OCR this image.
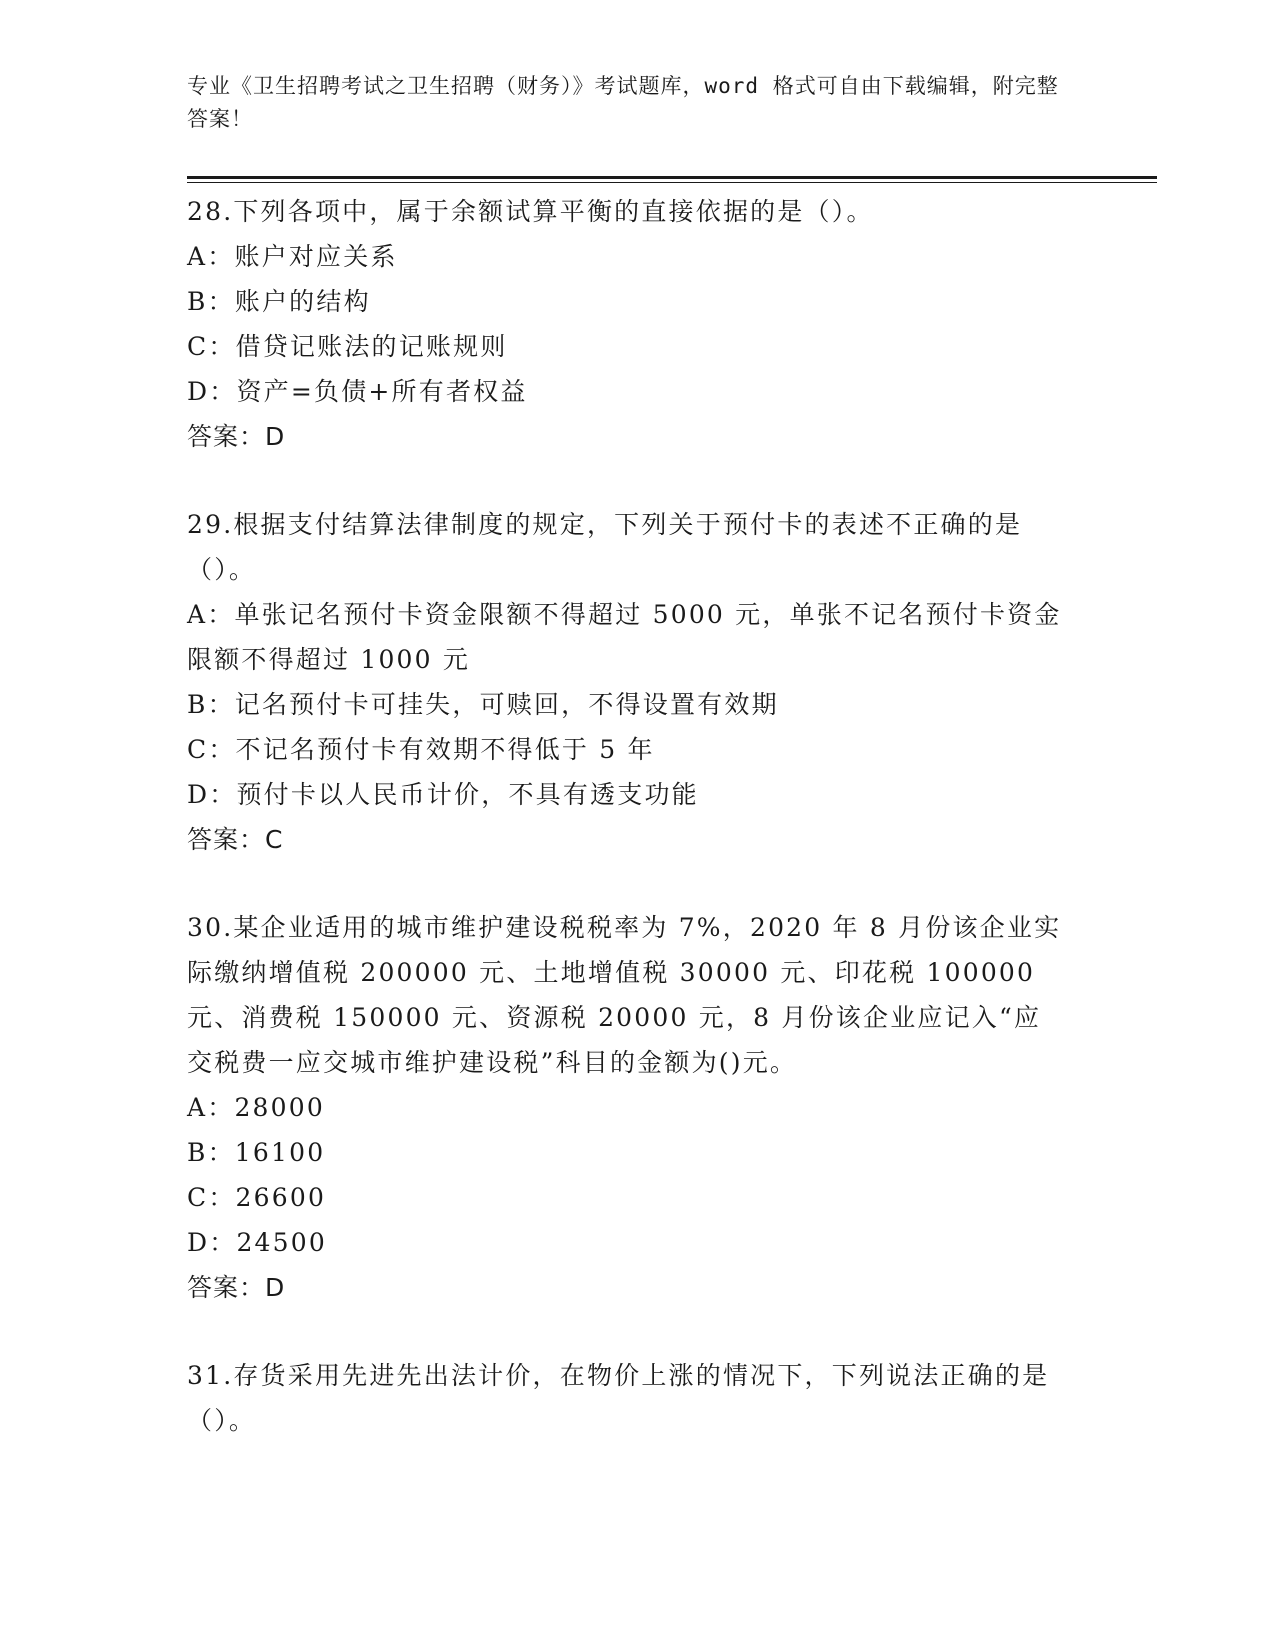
专业《卫生招聘考试之卫生招聘（财务）》考试题库，word 格式可自由下载编辑，附完整答案！

28.下列各项中，属于余额试算平衡的直接依据的是（）。

A：账户对应关系

B：账户的结构

C：借贷记账法的记账规则

D：资产=负债+所有者权益

答案：D

29.根据支付结算法律制度的规定，下列关于预付卡的表述不正确的是（）。

A：单张记名预付卡资金限额不得超过 5000 元，单张不记名预付卡资金限额不得超过 1000 元

B：记名预付卡可挂失，可赎回，不得设置有效期

C：不记名预付卡有效期不得低于 5 年

D：预付卡以人民币计价，不具有透支功能

答案：C

30.某企业适用的城市维护建设税税率为 7%，2020 年 8 月份该企业实际缴纳增值税 200000 元、土地增值税 30000 元、印花税 100000 元、消费税 150000 元、资源税 20000 元，8 月份该企业应记入“应交税费一应交城市维护建设税”科目的金额为()元。

A：28000

B：16100

C：26600

D：24500

答案：D

31.存货采用先进先出法计价，在物价上涨的情况下，下列说法正确的是（）。
